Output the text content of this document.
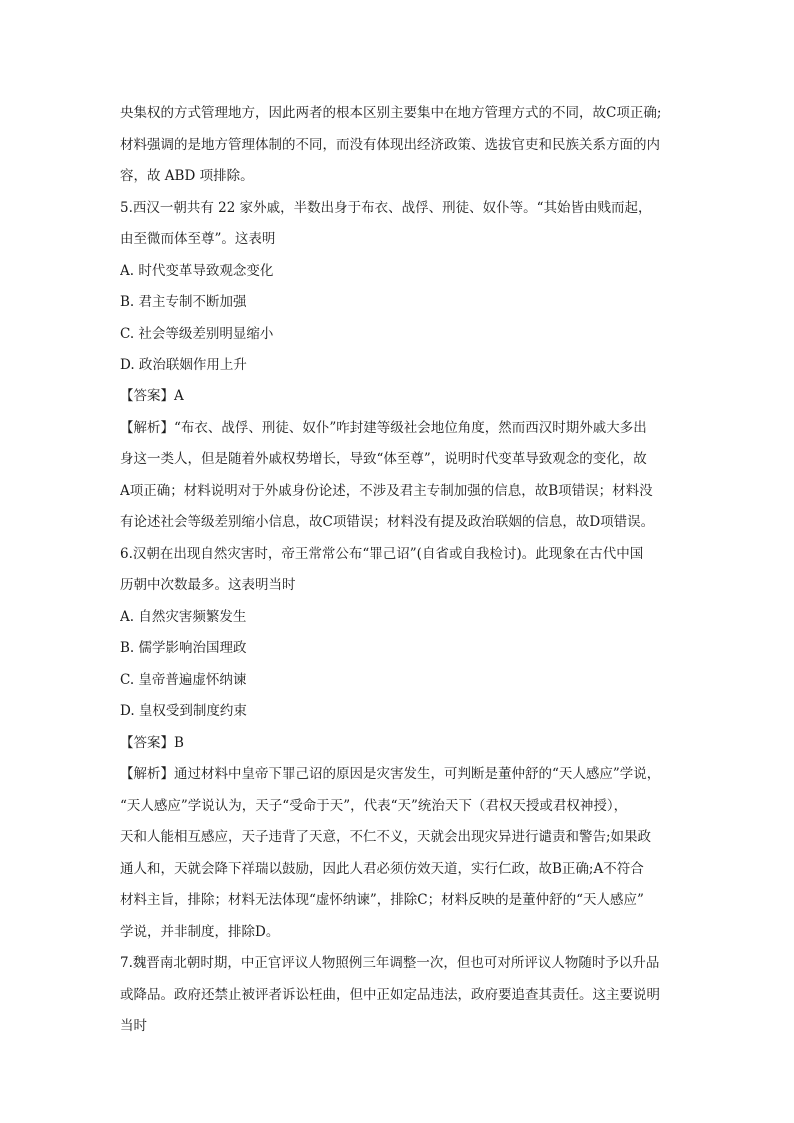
央集权的方式管理地方，因此两者的根本区别主要集中在地方管理方式的不同，故C项正确;
材料强调的是地方管理体制的不同，而没有体现出经济政策、选拔官吏和民族关系方面的内
容，故 ABD 项排除。
5.西汉一朝共有 22 家外戚，半数出身于布衣、战俘、刑徒、奴仆等。“其始皆由贱而起，
由至微而体至尊”。这表明
A. 时代变革导致观念变化
B. 君主专制不断加强
C. 社会等级差别明显缩小
D. 政治联姻作用上升
【答案】A
【解析】“布衣、战俘、刑徒、奴仆”咋封建等级社会地位角度，然而西汉时期外戚大多出
身这一类人，但是随着外戚权势增长，导致“体至尊”，说明时代变革导致观念的变化，故
A项正确；材料说明对于外戚身份论述，不涉及君主专制加强的信息，故B项错误；材料没
有论述社会等级差别缩小信息，故C项错误；材料没有提及政治联姻的信息，故D项错误。
6.汉朝在出现自然灾害时，帝王常常公布“罪己诏”(自省或自我检讨)。此现象在古代中国
历朝中次数最多。这表明当时
A. 自然灾害频繁发生
B. 儒学影响治国理政
C. 皇帝普遍虚怀纳谏
D. 皇权受到制度约束
【答案】B
【解析】通过材料中皇帝下罪己诏的原因是灾害发生，可判断是董仲舒的“天人感应”学说，
“天人感应”学说认为，天子“受命于天”，代表“天”统治天下（君权天授或君权神授），
天和人能相互感应，天子违背了天意，不仁不义，天就会出现灾异进行谴责和警告;如果政
通人和，天就会降下祥瑞以鼓励，因此人君必须仿效天道，实行仁政，故B正确;A不符合
材料主旨，排除；材料无法体现“虚怀纳谏”，排除C；材料反映的是董仲舒的“天人感应”
学说，并非制度，排除D。
7.魏晋南北朝时期，中正官评议人物照例三年调整一次，但也可对所评议人物随时予以升品
或降品。政府还禁止被评者诉讼枉曲，但中正如定品违法，政府要追查其责任。这主要说明
当时
